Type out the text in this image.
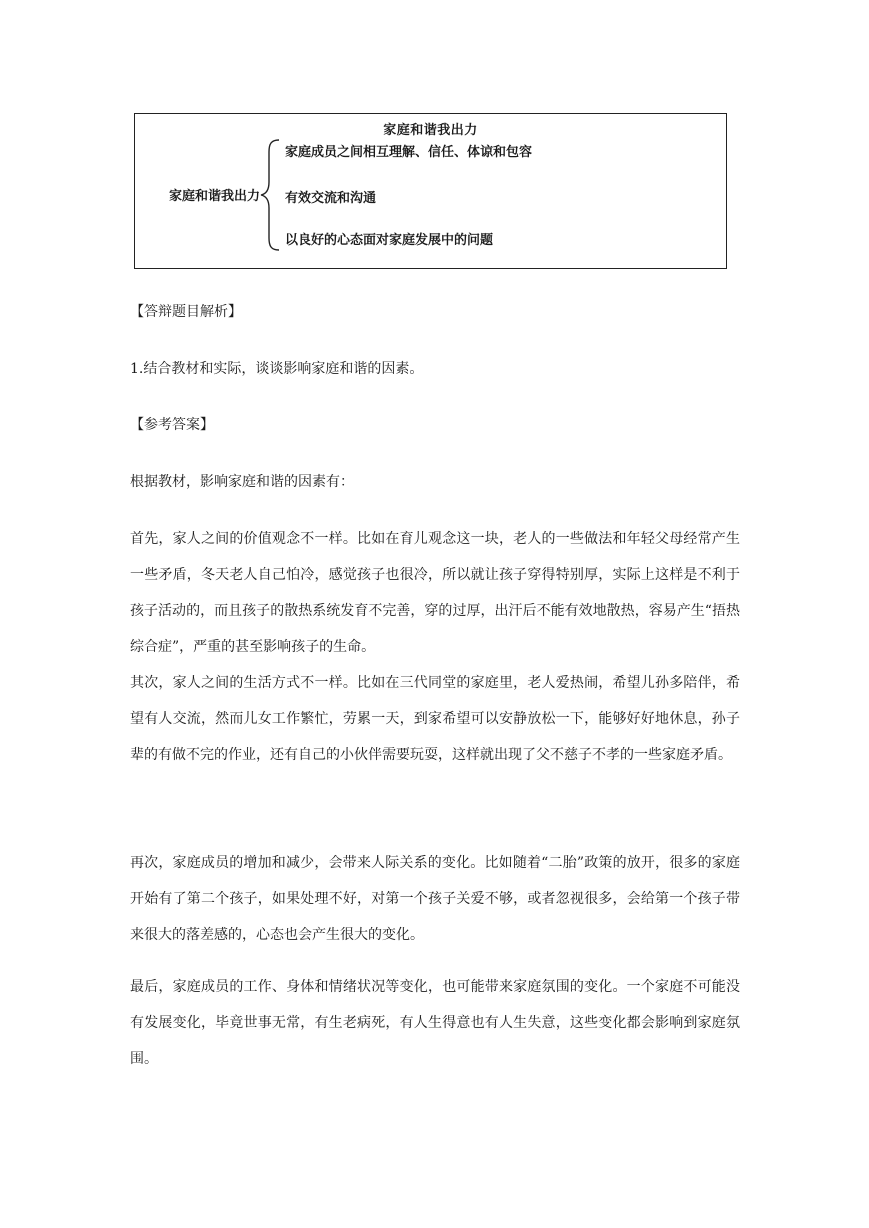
家庭和谐我出力
家庭和谐我出力
家庭成员之间相互理解、信任、体谅和包容
有效交流和沟通
以良好的心态面对家庭发展中的问题

【答辩题目解析】

1.结合教材和实际，谈谈影响家庭和谐的因素。

【参考答案】

根据教材，影响家庭和谐的因素有：

首先，家人之间的价值观念不一样。比如在育儿观念这一块，老人的一些做法和年轻父母经常产生一些矛盾，冬天老人自己怕冷，感觉孩子也很冷，所以就让孩子穿得特别厚，实际上这样是不利于孩子活动的，而且孩子的散热系统发育不完善，穿的过厚，出汗后不能有效地散热，容易产生“捂热综合症”，严重的甚至影响孩子的生命。

其次，家人之间的生活方式不一样。比如在三代同堂的家庭里，老人爱热闹，希望儿孙多陪伴，希望有人交流，然而儿女工作繁忙，劳累一天，到家希望可以安静放松一下，能够好好地休息，孙子辈的有做不完的作业，还有自己的小伙伴需要玩耍，这样就出现了父不慈子不孝的一些家庭矛盾。

再次，家庭成员的增加和减少，会带来人际关系的变化。比如随着“二胎”政策的放开，很多的家庭开始有了第二个孩子，如果处理不好，对第一个孩子关爱不够，或者忽视很多，会给第一个孩子带来很大的落差感的，心态也会产生很大的变化。

最后，家庭成员的工作、身体和情绪状况等变化，也可能带来家庭氛围的变化。一个家庭不可能没有发展变化，毕竟世事无常，有生老病死，有人生得意也有人生失意，这些变化都会影响到家庭氛围。
